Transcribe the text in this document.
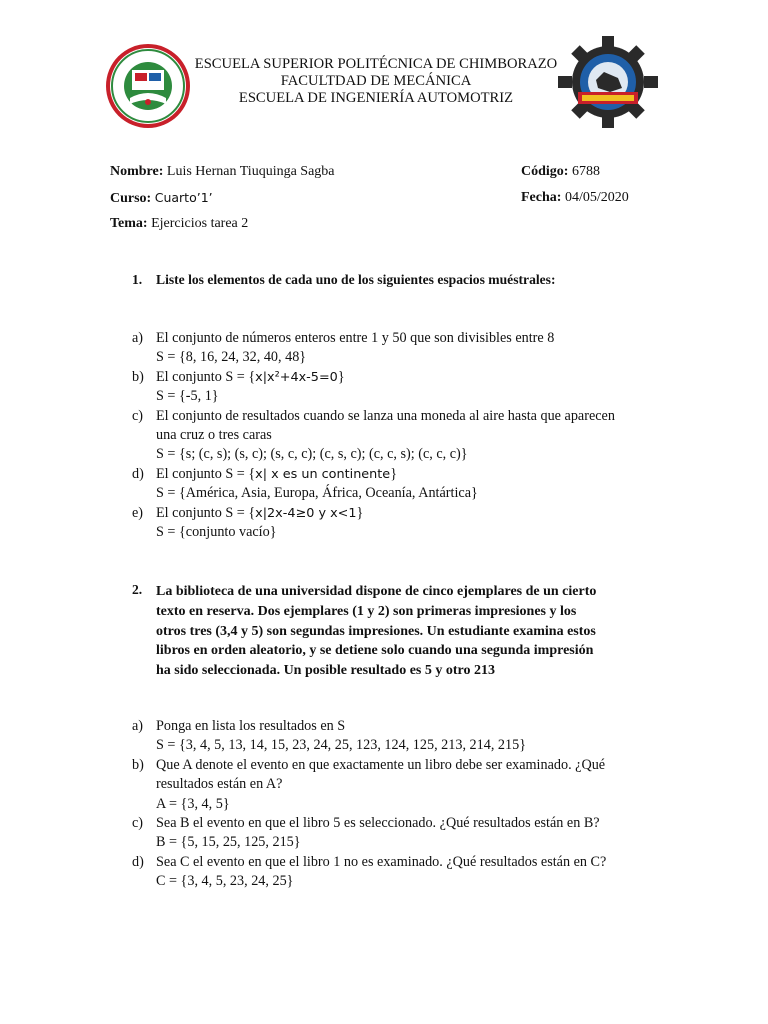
ESCUELA SUPERIOR POLITÉCNICA DE CHIMBORAZO
FACULTDAD DE MECÁNICA
ESCUELA DE INGENIERÍA AUTOMOTRIZ
Nombre: Luis Hernan Tiuquinga Sagba	Código: 6788
Curso: Cuarto’1’	Fecha: 04/05/2020
Tema: Ejercicios tarea 2
1. Liste los elementos de cada uno de los siguientes espacios muéstrales:
a) El conjunto de números enteros entre 1 y 50 que son divisibles entre 8
S = {8, 16, 24, 32, 40, 48}
b) El conjunto S = {x|x²+4x-5=0}
S = {-5, 1}
c) El conjunto de resultados cuando se lanza una moneda al aire hasta que aparecen
una cruz o tres caras
S = {s; (c, s); (s, c); (s, c, c); (c, s, c); (c, c, s); (c, c, c)}
d) El conjunto S = {x| x es un continente}
S = {América, Asia, Europa, África, Oceanía, Antártica}
e) El conjunto S = {x|2x-4≥0 y x<1}
S = {conjunto vacío}
2. La biblioteca de una universidad dispone de cinco ejemplares de un cierto
texto en reserva. Dos ejemplares (1 y 2) son primeras impresiones y los
otros tres (3,4 y 5) son segundas impresiones. Un estudiante examina estos
libros en orden aleatorio, y se detiene solo cuando una segunda impresión
ha sido seleccionada. Un posible resultado es 5 y otro 213
a) Ponga en lista los resultados en S
S = {3, 4, 5, 13, 14, 15, 23, 24, 25, 123, 124, 125, 213, 214, 215}
b) Que A denote el evento en que exactamente un libro debe ser examinado. ¿Qué
resultados están en A?
A = {3, 4, 5}
c) Sea B el evento en que el libro 5 es seleccionado. ¿Qué resultados están en B?
B = {5, 15, 25, 125, 215}
d) Sea C el evento en que el libro 1 no es examinado. ¿Qué resultados están en C?
C = {3, 4, 5, 23, 24, 25}
